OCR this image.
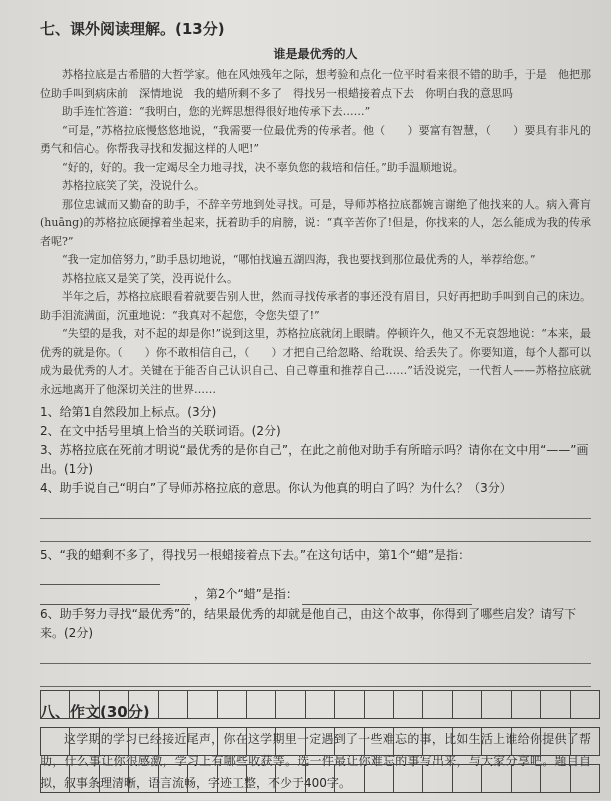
七、课外阅读理解。(13分)
谁是最优秀的人

苏格拉底是古希腊的大哲学家。他在风烛残年之际，想考验和点化一位平时看来很不错的助手，于是　他把那位助手叫到病床前　深情地说　我的蜡所剩不多了　得找另一根蜡接着点下去　你明白我的意思吗

助手连忙答道：“我明白，您的光辉思想得很好地传承下去……”

“可是，”苏格拉底慢悠悠地说，“我需要一位最优秀的传承者。他（　　）要富有智慧，（　　）要具有非凡的勇气和信心。你帮我寻找和发掘这样的人吧!”

“好的，好的。我一定竭尽全力地寻找，决不辜负您的栽培和信任。”助手温顺地说。

苏格拉底笑了笑，没说什么。

那位忠诚而又勤奋的助手，不辞辛劳地到处寻找。可是，导师苏格拉底都婉言谢绝了他找来的人。病入膏肓(huāng)的苏格拉底硬撑着坐起来，抚着助手的肩膀，说：“真辛苦你了!但是，你找来的人，怎么能成为我的传承者呢?”

“我一定加倍努力，”助手恳切地说，“哪怕找遍五湖四海，我也要找到那位最优秀的人，举荐给您。”

苏格拉底又是笑了笑，没再说什么。

半年之后，苏格拉底眼看着就要告别人世，然而寻找传承者的事还没有眉目，只好再把助手叫到自己的床边。助手泪流满面，沉重地说：“我真对不起您，令您失望了!”

“失望的是我，对不起的却是你!”说到这里，苏格拉底就闭上眼睛。停顿许久，他又不无哀怨地说：“本来，最优秀的就是你。（　　）你不敢相信自己，（　　）才把自己给忽略、给耽误、给丢失了。你要知道，每个人都可以成为最优秀的人才。关键在于能否自己认识自己、自己尊重和推荐自己……”话没说完，一代哲人——苏格拉底就永远地离开了他深切关注的世界……

1、给第1自然段加上标点。(3分)

2、在文中括号里填上恰当的关联词语。(2分)

3、苏格拉底在死前才明说“最优秀的是你自己”，在此之前他对助手有所暗示吗？请你在文中用“——”画出。(1分)

4、助手说自己“明白”了导师苏格拉底的意思。你认为他真的明白了吗？为什么？（3分）

5、“我的蜡剩不多了，得找另一根蜡接着点下去。”在这句话中，第1个“蜡”是指：

，第2个“蜡”是指：

6、助手努力寻找“最优秀”的，结果最优秀的却就是他自己，由这个故事，你得到了哪些启发？请写下来。(2分)

八、作文(30分)

这学期的学习已经接近尾声，你在这学期里一定遇到了一些难忘的事，比如生活上谁给你提供了帮助，什么事让你很感激，学习上有哪些收获等。选一件最让你难忘的事写出来，与大家分享吧。题目自拟，叙事条理清晰，语言流畅，字迹工整，不少于400字。
